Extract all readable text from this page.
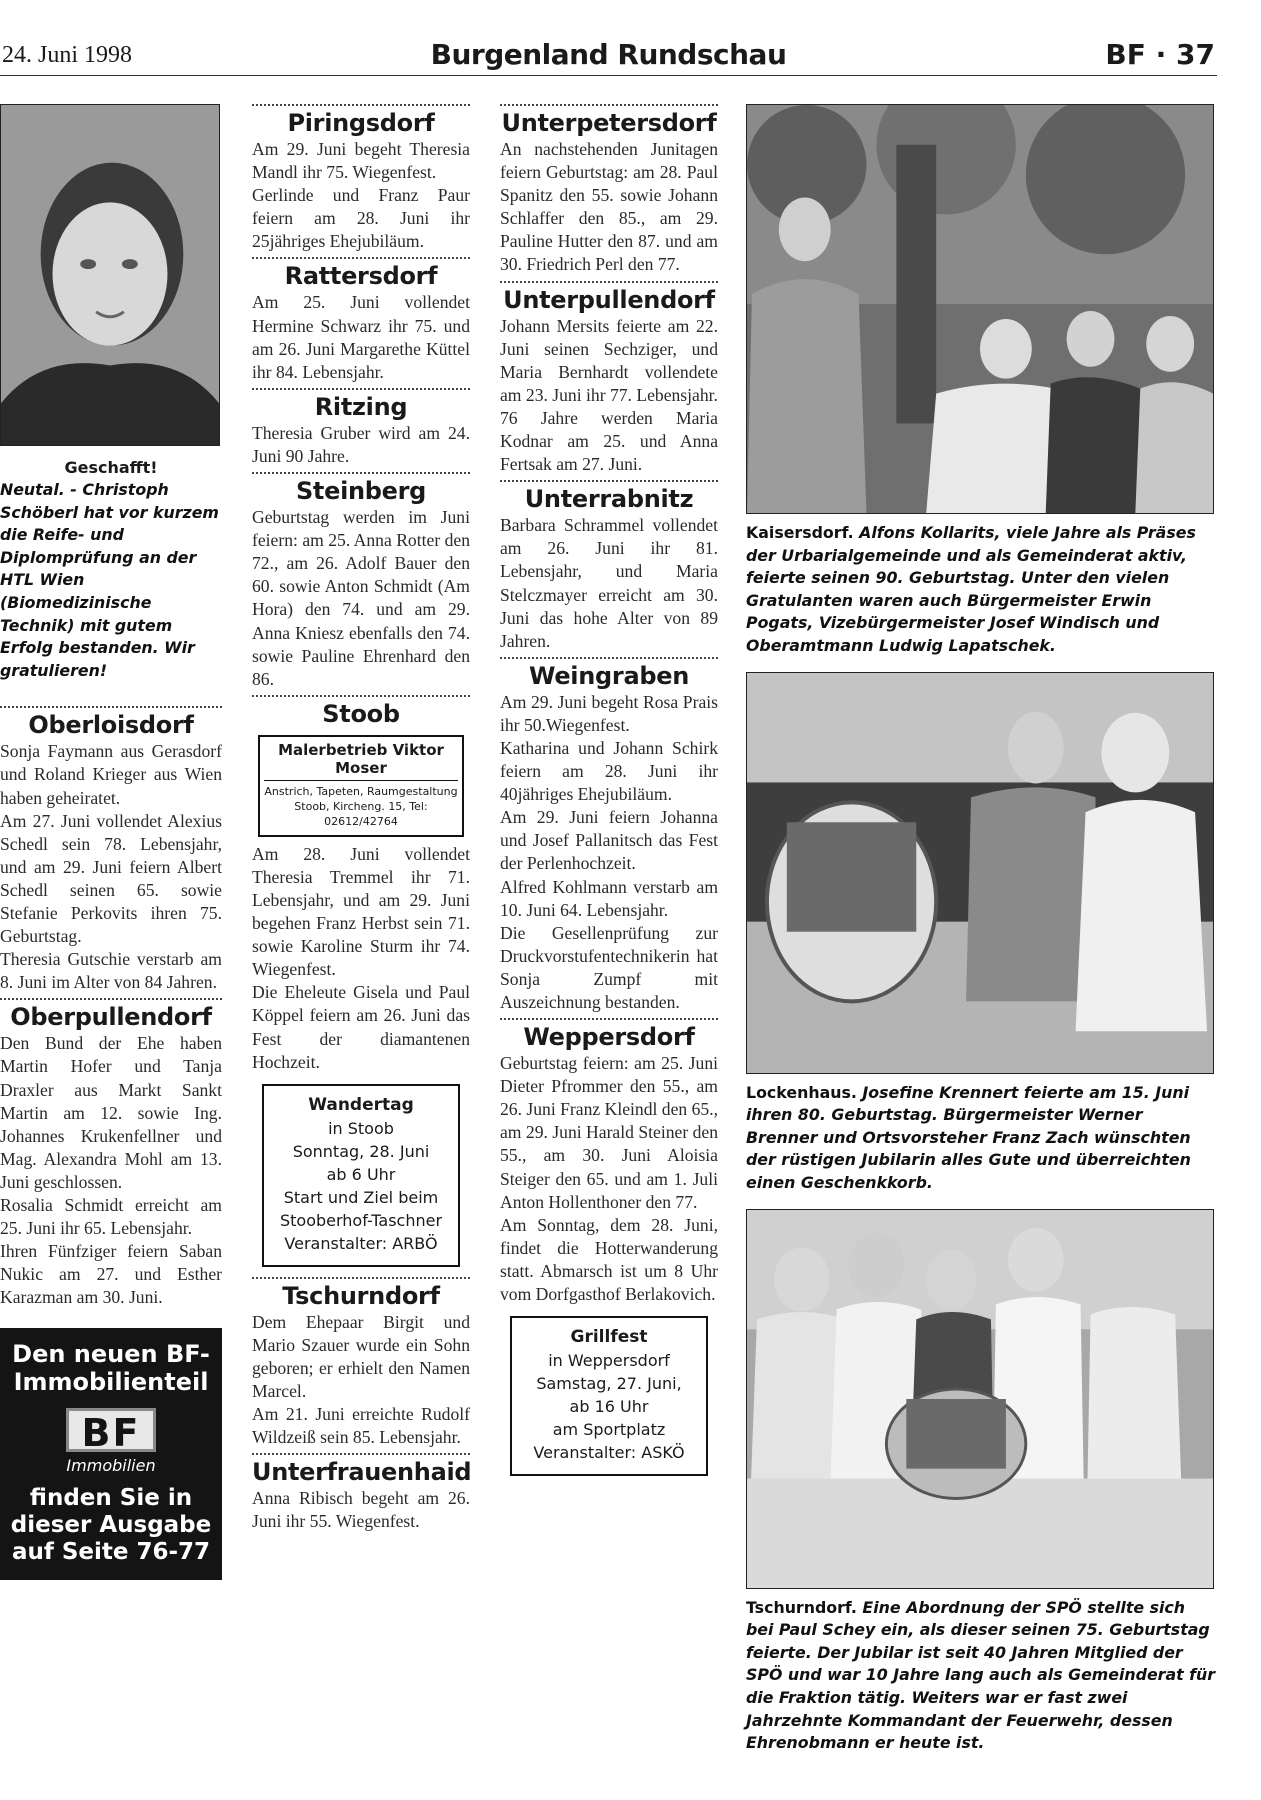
24. Juni 1998	Burgenland Rundschau	BF · 37
Geschafft!

Neutal. - Christoph Schöberl hat vor kurzem die Reife- und Diplomprüfung an der HTL Wien (Biomedizinische Technik) mit gutem Erfolg bestanden. Wir gratulieren!

Oberloisdorf

Sonja Faymann aus Gerasdorf und Roland Krieger aus Wien haben geheiratet.
Am 27. Juni vollendet Alexius Schedl sein 78. Lebensjahr, und am 29. Juni feiern Albert Schedl seinen 65. sowie Stefanie Perkovits ihren 75. Geburtstag.
Theresia Gutschie verstarb am 8. Juni im Alter von 84 Jahren.

Oberpullendorf

Den Bund der Ehe haben Martin Hofer und Tanja Draxler aus Markt Sankt Martin am 12. sowie Ing. Johannes Krukenfellner und Mag. Alexandra Mohl am 13. Juni geschlossen.
Rosalia Schmidt erreicht am 25. Juni ihr 65. Lebensjahr.
Ihren Fünfziger feiern Saban Nukic am 27. und Esther Karazman am 30. Juni.

Den neuen BF-Immobilienteil
BF
Immobilien
finden Sie in dieser Ausgabe auf Seite 76-77
Piringsdorf

Am 29. Juni begeht Theresia Mandl ihr 75. Wiegenfest.
Gerlinde und Franz Paur feiern am 28. Juni ihr 25jähriges Ehejubiläum.

Rattersdorf

Am 25. Juni vollendet Hermine Schwarz ihr 75. und am 26. Juni Margarethe Küttel ihr 84. Lebensjahr.

Ritzing

Theresia Gruber wird am 24. Juni 90 Jahre.

Steinberg

Geburtstag werden im Juni feiern: am 25. Anna Rotter den 72., am 26. Adolf Bauer den 60. sowie Anton Schmidt (Am Hora) den 74. und am 29. Anna Kniesz ebenfalls den 74. sowie Pauline Ehrenhard den 86.

Stoob
Malerbetrieb Viktor Moser
Anstrich, Tapeten, Raumgestaltung
Stoob, Kircheng. 15, Tel: 02612/42764

Am 28. Juni vollendet Theresia Tremmel ihr 71. Lebensjahr, und am 29. Juni begehen Franz Herbst sein 71. sowie Karoline Sturm ihr 74. Wiegenfest.
Die Eheleute Gisela und Paul Köppel feiern am 26. Juni das Fest der diamantenen Hochzeit.

Wandertag
in Stoob
Sonntag, 28. Juni
ab 6 Uhr
Start und Ziel beim
Stooberhof-Taschner
Veranstalter: ARBÖ
Tschurndorf

Dem Ehepaar Birgit und Mario Szauer wurde ein Sohn geboren; er erhielt den Namen Marcel.
Am 21. Juni erreichte Rudolf Wildzeiß sein 85. Lebensjahr.

Unterfrauenhaid

Anna Ribisch begeht am 26. Juni ihr 55. Wiegenfest.

Unterpetersdorf

An nachstehenden Junitagen feiern Geburtstag: am 28. Paul Spanitz den 55. sowie Johann Schlaffer den 85., am 29. Pauline Hutter den 87. und am 30. Friedrich Perl den 77.

Unterpullendorf

Johann Mersits feierte am 22. Juni seinen Sechziger, und Maria Bernhardt vollendete am 23. Juni ihr 77. Lebensjahr.
76 Jahre werden Maria Kodnar am 25. und Anna Fertsak am 27. Juni.

Unterrabnitz

Barbara Schrammel vollendet am 26. Juni ihr 81. Lebensjahr, und Maria Stelczmayer erreicht am 30. Juni das hohe Alter von 89 Jahren.

Weingraben

Am 29. Juni begeht Rosa Prais ihr 50.Wiegenfest.
Katharina und Johann Schirk feiern am 28. Juni ihr 40jähriges Ehejubiläum.
Am 29. Juni feiern Johanna und Josef Pallanitsch das Fest der Perlenhochzeit.
Alfred Kohlmann verstarb am 10. Juni 64. Lebensjahr.
Die Gesellenprüfung zur Druckvorstufentechnikerin hat Sonja Zumpf mit Auszeichnung bestanden.

Weppersdorf

Geburtstag feiern: am 25. Juni Dieter Pfrommer den 55., am 26. Juni Franz Kleindl den 65., am 29. Juni Harald Steiner den 55., am 30. Juni Aloisia Steiger den 65. und am 1. Juli Anton Hollenthoner den 77.
Am Sonntag, dem 28. Juni, findet die Hotterwanderung statt. Abmarsch ist um 8 Uhr vom Dorfgasthof Berlakovich.

Grillfest
in Weppersdorf
Samstag, 27. Juni,
ab 16 Uhr
am Sportplatz
Veranstalter: ASKÖ

Kaisersdorf. Alfons Kollarits, viele Jahre als Präses der Urbarialgemeinde und als Gemeinderat aktiv, feierte seinen 90. Geburtstag. Unter den vielen Gratulanten waren auch Bürgermeister Erwin Pogats, Vizebürgermeister Josef Windisch und Oberamtmann Ludwig Lapatschek.

Lockenhaus. Josefine Krennert feierte am 15. Juni ihren 80. Geburtstag. Bürgermeister Werner Brenner und Ortsvorsteher Franz Zach wünschten der rüstigen Jubilarin alles Gute und überreichten einen Geschenkkorb.

Tschurndorf. Eine Abordnung der SPÖ stellte sich bei Paul Schey ein, als dieser seinen 75. Geburtstag feierte. Der Jubilar ist seit 40 Jahren Mitglied der SPÖ und war 10 Jahre lang auch als Gemeinderat für die Fraktion tätig. Weiters war er fast zwei Jahrzehnte Kommandant der Feuerwehr, dessen Ehrenobmann er heute ist.
